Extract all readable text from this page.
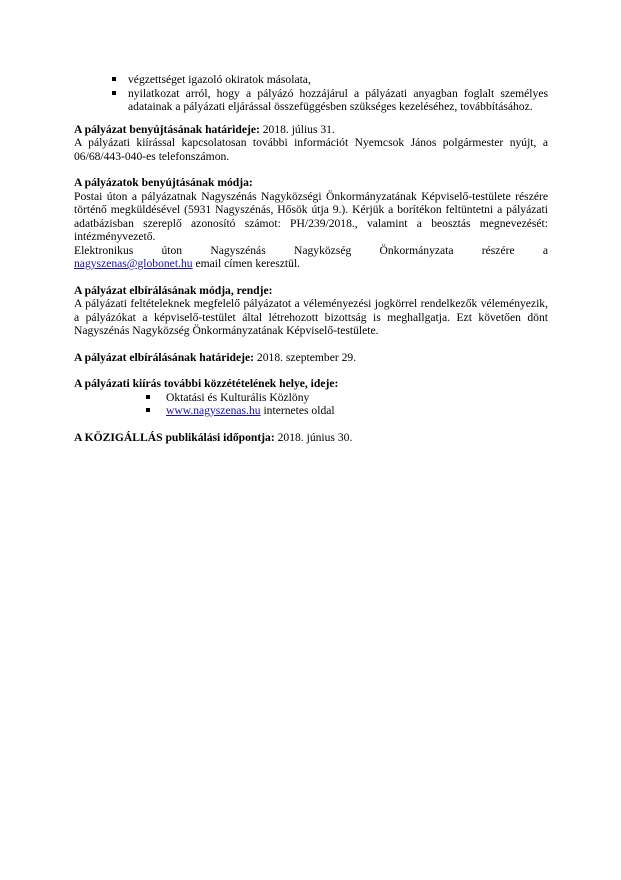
végzettséget igazoló okiratok másolata,
nyilatkozat arról, hogy a pályázó hozzájárul a pályázati anyagban foglalt személyes adatainak a pályázati eljárással összefüggésben szükséges kezeléséhez, továbbításához.
A pályázat benyújtásának határideje: 2018. július 31.
A pályázati kiírással kapcsolatosan további információt Nyemcsok János polgármester nyújt, a 06/68/443-040-es telefonszámon.
A pályázatok benyújtásának módja:
Postai úton a pályázatnak Nagyszénás Nagyközségi Önkormányzatának Képviselő-testülete részére történő megküldésével (5931 Nagyszénás, Hősök útja 9.). Kérjük a borítékon feltüntetni a pályázati adatbázisban szereplő azonosító számot: PH/239/2018., valamint a beosztás megnevezését: intézményvezető.
Elektronikus úton Nagyszénás Nagyközség Önkormányzata részére a
nagyszenas@globonet.hu email címen keresztül.
A pályázat elbírálásának módja, rendje:
A pályázati feltételeknek megfelelő pályázatot a véleményezési jogkörrel rendelkezők véleményezik, a pályázókat a képviselő-testület által létrehozott bizottság is meghallgatja. Ezt követően dönt Nagyszénás Nagyközség Önkormányzatának Képviselő-testülete.
A pályázat elbírálásának határideje: 2018. szeptember 29.
A pályázati kiírás további közzétételének helye, ideje:
Oktatási és Kulturális Közlöny
www.nagyszenas.hu internetes oldal
A KÖZIGÁLLÁS publikálási időpontja: 2018. június 30.
